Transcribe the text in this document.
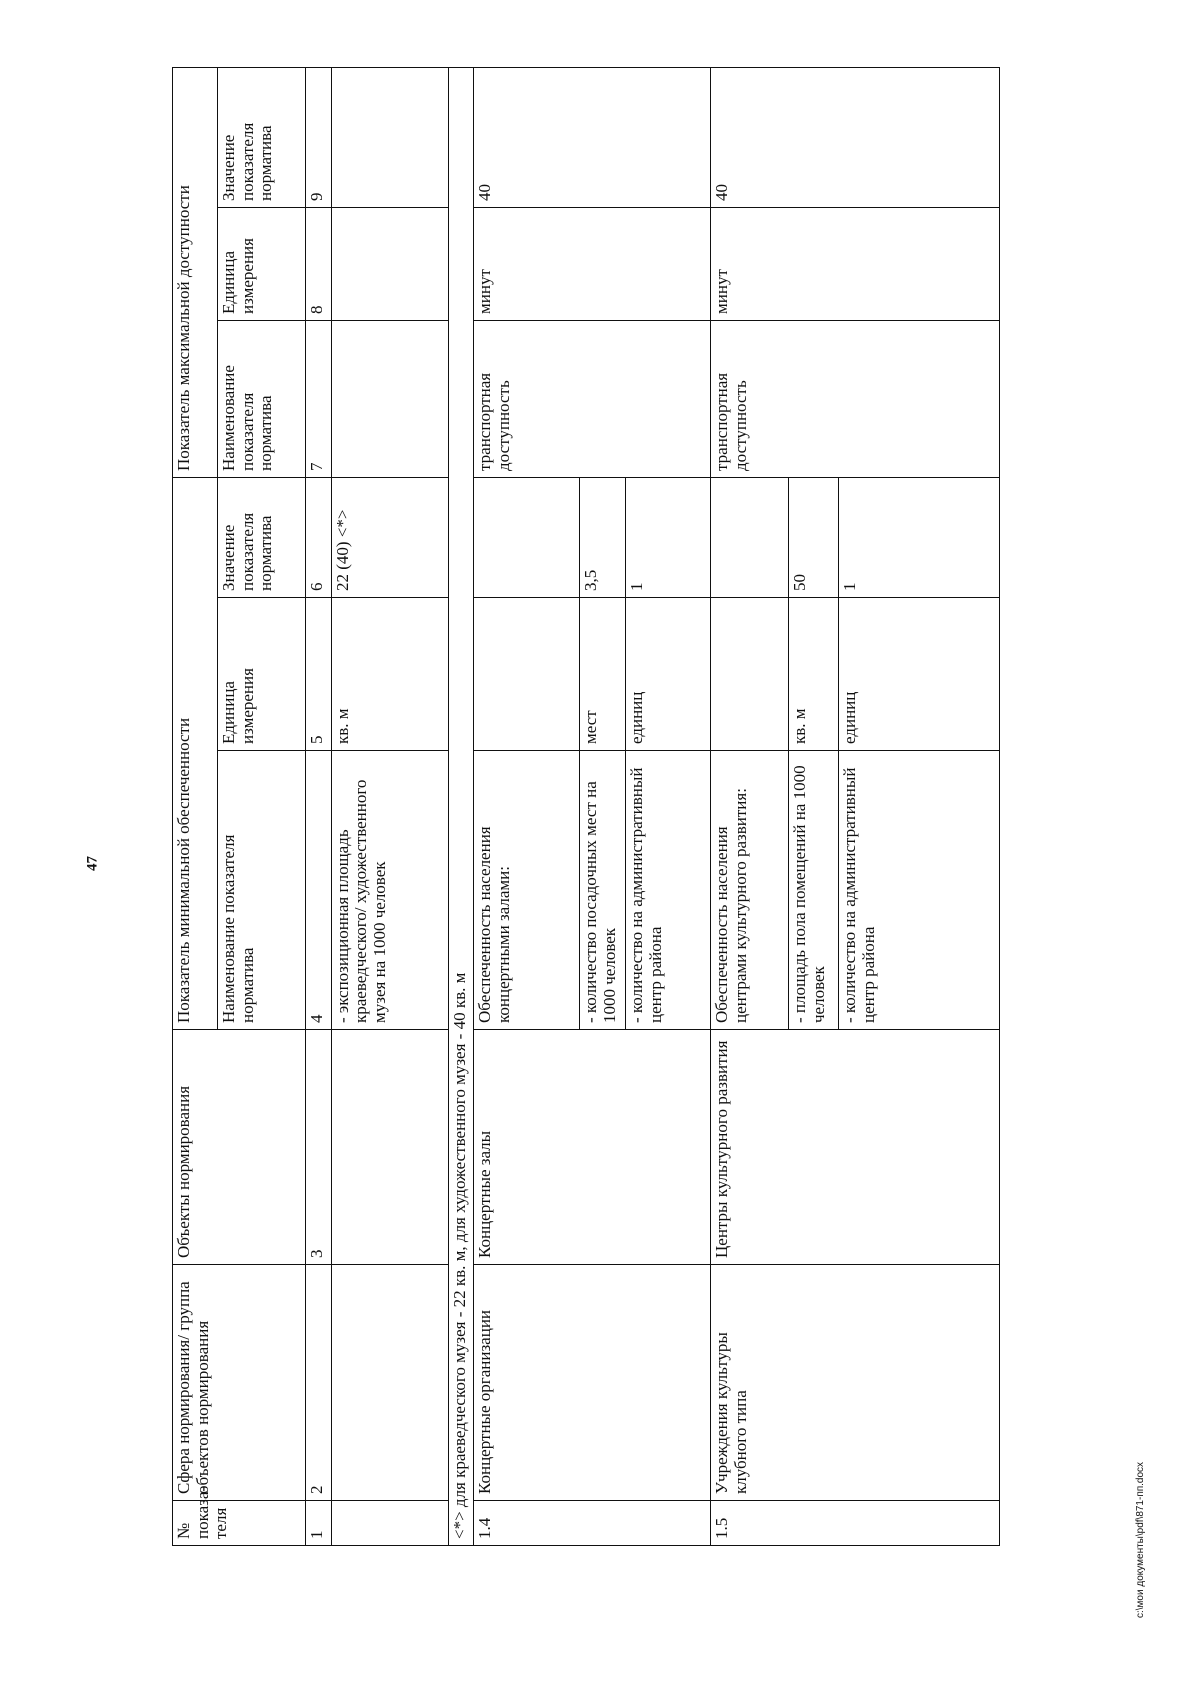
47
№ показа-теля	Сфера нормирования/ группа объектов нормирования	Объекты нормирования	Показатель минимальной обеспеченности			Показатель максимальной доступности		
			Наименование показателя норматива	Единица измерения	Значение показателя норматива	Наименование показателя норматива	Единица измерения	Значение показателя норматива
1	2	3	4	5	6	7	8	9
			- экспозиционная площадь краеведческого/ художественного музея на 1000 человек	кв. м	22 (40) <*>			
<*> для краеведческого музея - 22 кв. м, для художественного музея - 40 кв. м								
1.4	Концертные организации	Концертные залы	Обеспеченность населения концертными залами:			транспортная доступность	минут	40
			- количество посадочных мест на 1000 человек	мест	3,5			
			- количество на административный центр района	единиц	1			
1.5	Учреждения культуры клубного типа	Центры культурного развития	Обеспеченность населения центрами культурного развития:			транспортная доступность	минут	40
			- площадь пола помещений на 1000 человек	кв. м	50			
			- количество на административный центр района	единиц	1			
c:\мои документы\pdf\871-пп.docx
